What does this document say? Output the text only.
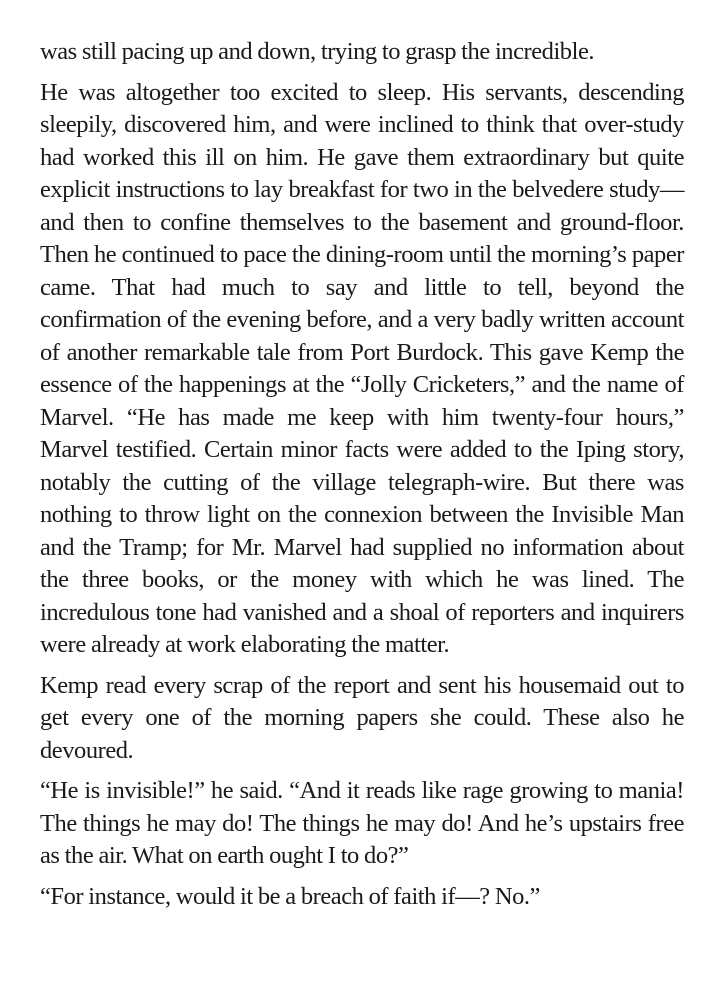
was still pacing up and down, trying to grasp the incredible.

He was altogether too excited to sleep. His servants, descending sleepily, discovered him, and were inclined to think that over-study had worked this ill on him. He gave them extraordinary but quite explicit instructions to lay breakfast for two in the belvedere study—and then to confine themselves to the basement and ground-floor. Then he continued to pace the dining-room until the morning’s paper came. That had much to say and little to tell, beyond the confirmation of the evening before, and a very badly written account of another remarkable tale from Port Burdock. This gave Kemp the essence of the happenings at the “Jolly Cricketers,” and the name of Marvel. “He has made me keep with him twenty-four hours,” Marvel testified. Certain minor facts were added to the Iping story, notably the cutting of the village telegraph-wire. But there was nothing to throw light on the connexion between the Invisible Man and the Tramp; for Mr. Marvel had supplied no information about the three books, or the money with which he was lined. The incredulous tone had vanished and a shoal of reporters and inquirers were already at work elaborating the matter.

Kemp read every scrap of the report and sent his housemaid out to get every one of the morning papers she could. These also he devoured.

“He is invisible!” he said. “And it reads like rage growing to mania! The things he may do! The things he may do! And he’s upstairs free as the air. What on earth ought I to do?”

“For instance, would it be a breach of faith if—? No.”
